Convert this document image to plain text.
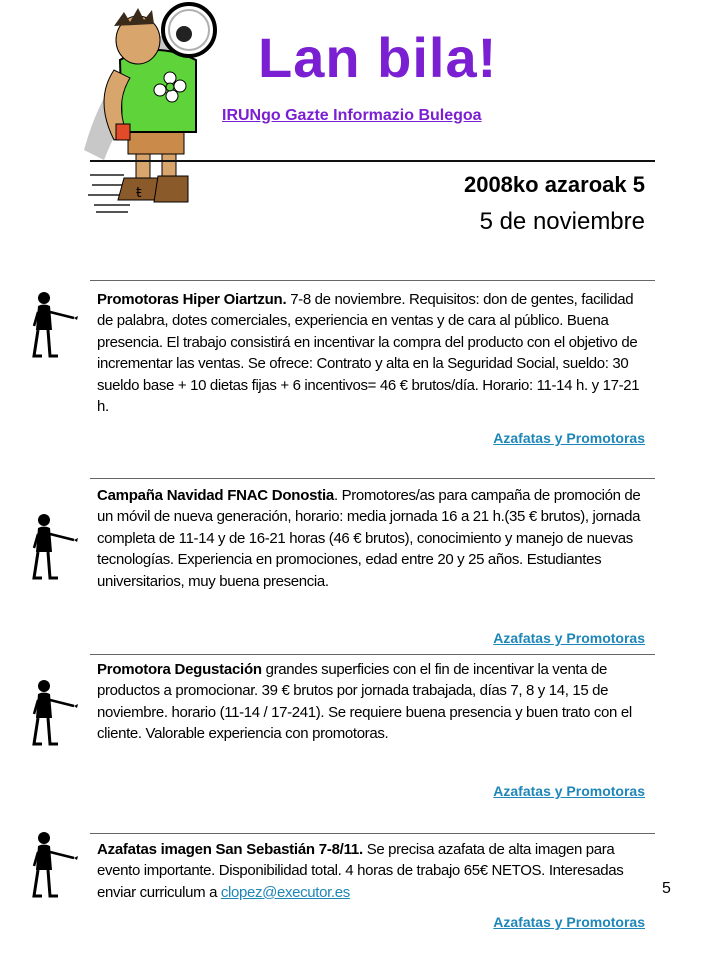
ŧ
Lan bila!
IRUNgo Gazte Informazio Bulegoa
2008ko azaroak 5
5 de noviembre
Promotoras Hiper Oiartzun. 7-8 de noviembre. Requisitos: don de gentes, facilidad de palabra, dotes comerciales, experiencia en ventas y de cara al público. Buena presencia. El trabajo consistirá en incentivar la compra del producto con el objetivo de incrementar las ventas. Se ofrece: Contrato y alta en la Seguridad Social, sueldo: 30 sueldo base + 10 dietas fijas + 6 incentivos= 46 € brutos/día. Horario: 11-14 h. y 17-21 h.
Azafatas y Promotoras
Campaña Navidad FNAC Donostia. Promotores/as para campaña de promoción de un móvil de nueva generación, horario: media jornada 16 a 21 h.(35 € brutos), jornada completa de 11-14 y de 16-21 horas (46 € brutos), conocimiento y manejo de nuevas tecnologías. Experiencia en promociones, edad entre 20 y 25 años. Estudiantes universitarios, muy buena presencia.
Azafatas y Promotoras
Promotora Degustación grandes superficies con el fin de incentivar la venta de productos a promocionar. 39 € brutos por jornada trabajada, días 7, 8 y 14, 15 de noviembre. horario (11-14 / 17-241). Se requiere buena presencia y buen trato con el cliente. Valorable experiencia con promotoras.
Azafatas y Promotoras
Azafatas imagen San Sebastián 7-8/11. Se precisa azafata de alta imagen para evento importante. Disponibilidad total. 4 horas de trabajo 65€ NETOS. Interesadas enviar curriculum a clopez@executor.es
Azafatas y Promotoras
5
